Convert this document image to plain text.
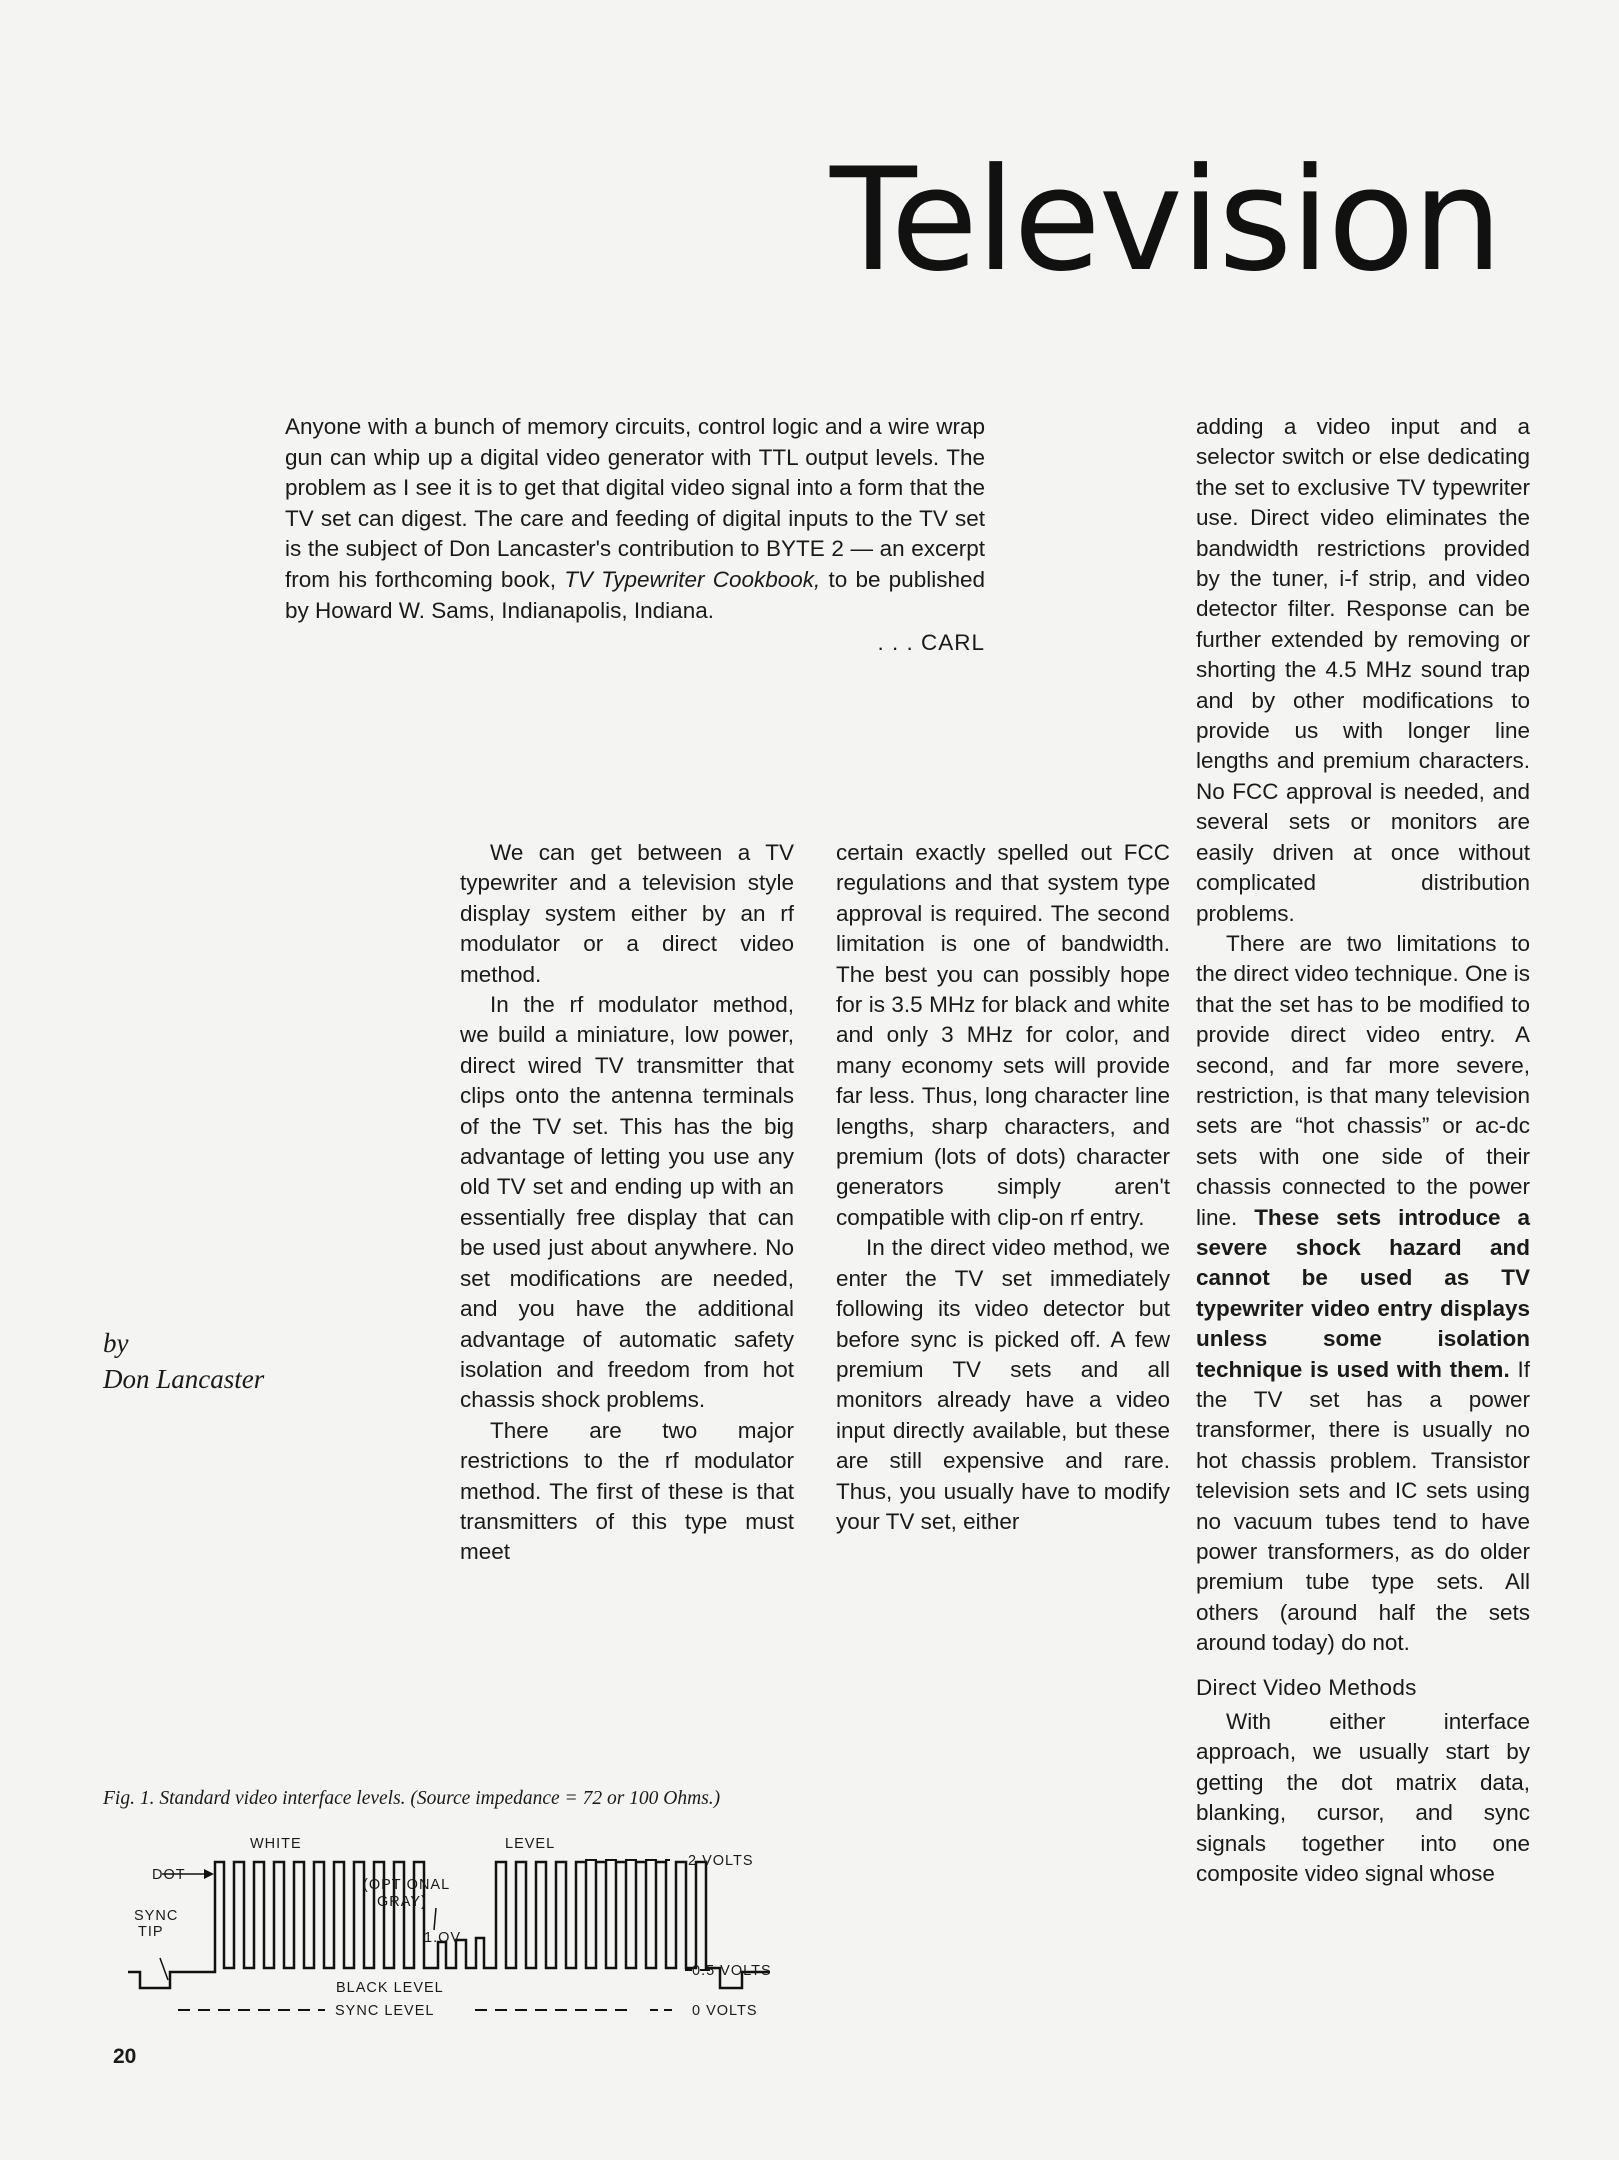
Television

Anyone with a bunch of memory circuits, control logic and a wire wrap gun can whip up a digital video generator with TTL output levels. The problem as I see it is to get that digital video signal into a form that the TV set can digest. The care and feeding of digital inputs to the TV set is the subject of Don Lancaster's contribution to BYTE 2 — an excerpt from his forthcoming book, TV Typewriter Cookbook, to be published by Howard W. Sams, Indianapolis, Indiana.

. . . CARL

by
Don Lancaster

We can get between a TV typewriter and a television style display system either by an rf modulator or a direct video method.

In the rf modulator method, we build a miniature, low power, direct wired TV transmitter that clips onto the antenna terminals of the TV set. This has the big advantage of letting you use any old TV set and ending up with an essentially free display that can be used just about anywhere. No set modifications are needed, and you have the additional advantage of automatic safety isolation and freedom from hot chassis shock problems.

There are two major restrictions to the rf modulator method. The first of these is that transmitters of this type must meet

certain exactly spelled out FCC regulations and that system type approval is required. The second limitation is one of bandwidth. The best you can possibly hope for is 3.5 MHz for black and white and only 3 MHz for color, and many economy sets will provide far less. Thus, long character line lengths, sharp characters, and premium (lots of dots) character generators simply aren't compatible with clip-on rf entry.

In the direct video method, we enter the TV set immediately following its video detector but before sync is picked off. A few premium TV sets and all monitors already have a video input directly available, but these are still expensive and rare. Thus, you usually have to modify your TV set, either

adding a video input and a selector switch or else dedicating the set to exclusive TV typewriter use. Direct video eliminates the bandwidth restrictions provided by the tuner, i-f strip, and video detector filter. Response can be further extended by removing or shorting the 4.5 MHz sound trap and by other modifications to provide us with longer line lengths and premium characters. No FCC approval is needed, and several sets or monitors are easily driven at once without complicated distribution problems.

There are two limitations to the direct video technique. One is that the set has to be modified to provide direct video entry. A second, and far more severe, restriction, is that many television sets are “hot chassis” or ac-dc sets with one side of their chassis connected to the power line. These sets introduce a severe shock hazard and cannot be used as TV typewriter video entry displays unless some isolation technique is used with them. If the TV set has a power transformer, there is usually no hot chassis problem. Transistor television sets and IC sets using no vacuum tubes tend to have power transformers, as do older premium tube type sets. All others (around half the sets around today) do not.

Direct Video Methods

With either interface approach, we usually start by getting the dot matrix data, blanking, cursor, and sync signals together into one composite video signal whose

Fig. 1. Standard video interface levels. (Source impedance = 72 or 100 Ohms.)
WHITE	LEVEL
DOT
(OPTIONAL
GRAY)
SYNC
TIP	1.OV
BLACK LEVEL
SYNC LEVEL
2 VOLTS
0.5 VOLTS
0 VOLTS
20
